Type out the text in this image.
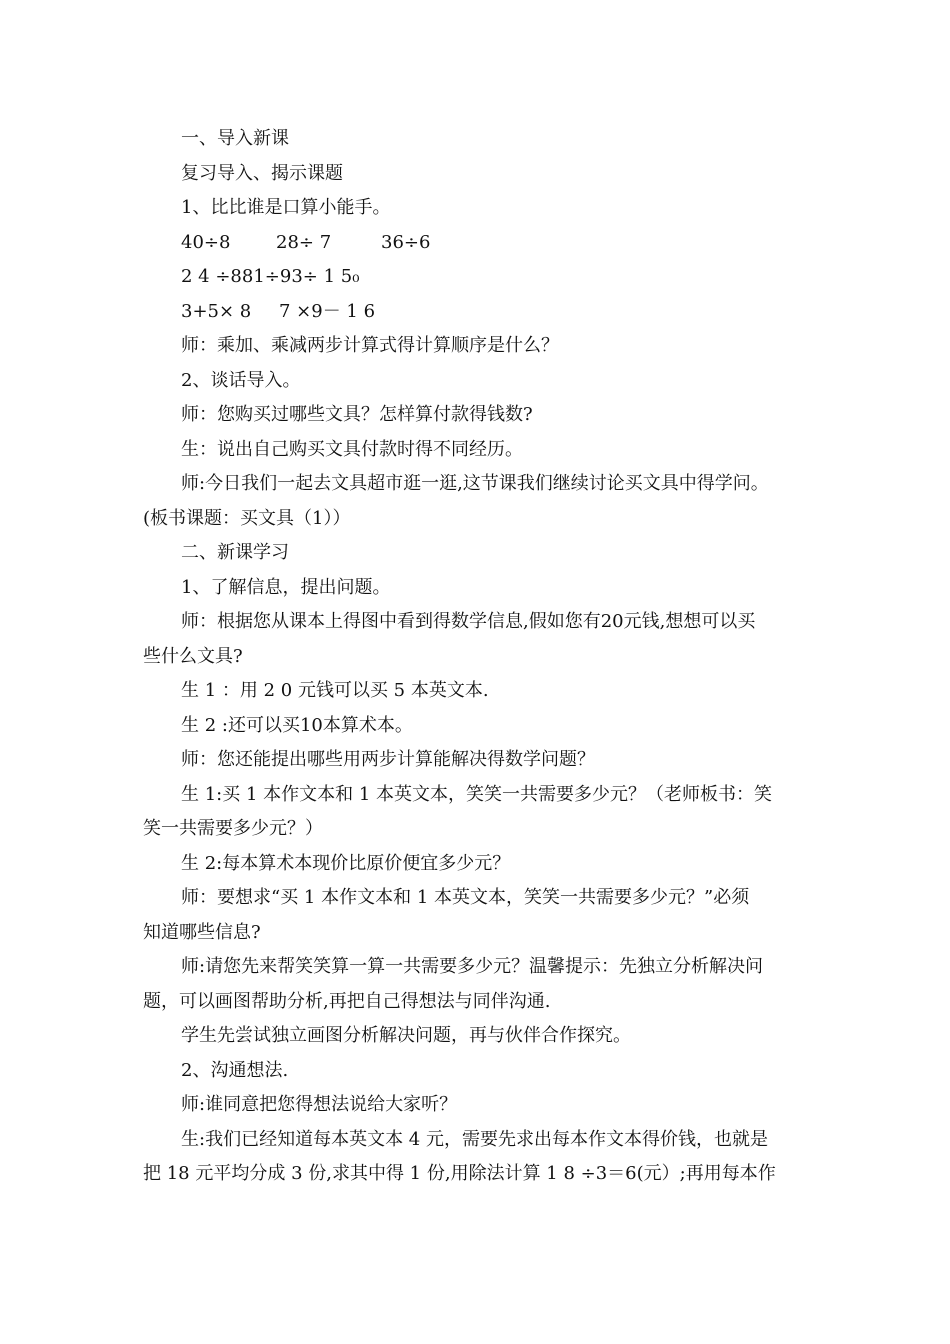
一、导入新课
复习导入、揭示课题
1、比比谁是口算小能手。
40÷8	28÷ 7	36÷6
2 4 ÷881÷93÷ 1 5₀
3+5× 8 7 ×9－ 1 6
师：乘加、乘减两步计算式得计算顺序是什么？
2、谈话导入。
师：您购买过哪些文具？怎样算付款得钱数?
生：说出自己购买文具付款时得不同经历。
师:今日我们一起去文具超市逛一逛,这节课我们继续讨论买文具中得学问。
(板书课题：买文具（1））
二、新课学习
1、了解信息，提出问题。
师：根据您从课本上得图中看到得数学信息,假如您有20元钱,想想可以买
些什么文具?
生 1 ：用 2 0 元钱可以买 5 本英文本.
生 2 :还可以买10本算术本。
师：您还能提出哪些用两步计算能解决得数学问题？
生 1:买 1 本作文本和 1 本英文本，笑笑一共需要多少元？（老师板书：笑
笑一共需要多少元？）
生 2:每本算术本现价比原价便宜多少元？
师：要想求“买 1 本作文本和 1 本英文本，笑笑一共需要多少元？”必须
知道哪些信息?
师:请您先来帮笑笑算一算一共需要多少元？温馨提示：先独立分析解决问
题，可以画图帮助分析,再把自己得想法与同伴沟通.
学生先尝试独立画图分析解决问题，再与伙伴合作探究。
2、沟通想法.
师:谁同意把您得想法说给大家听？
生:我们已经知道每本英文本 4 元，需要先求出每本作文本得价钱，也就是
把 18 元平均分成 3 份,求其中得 1 份,用除法计算 1 8 ÷3＝6(元）;再用每本作
